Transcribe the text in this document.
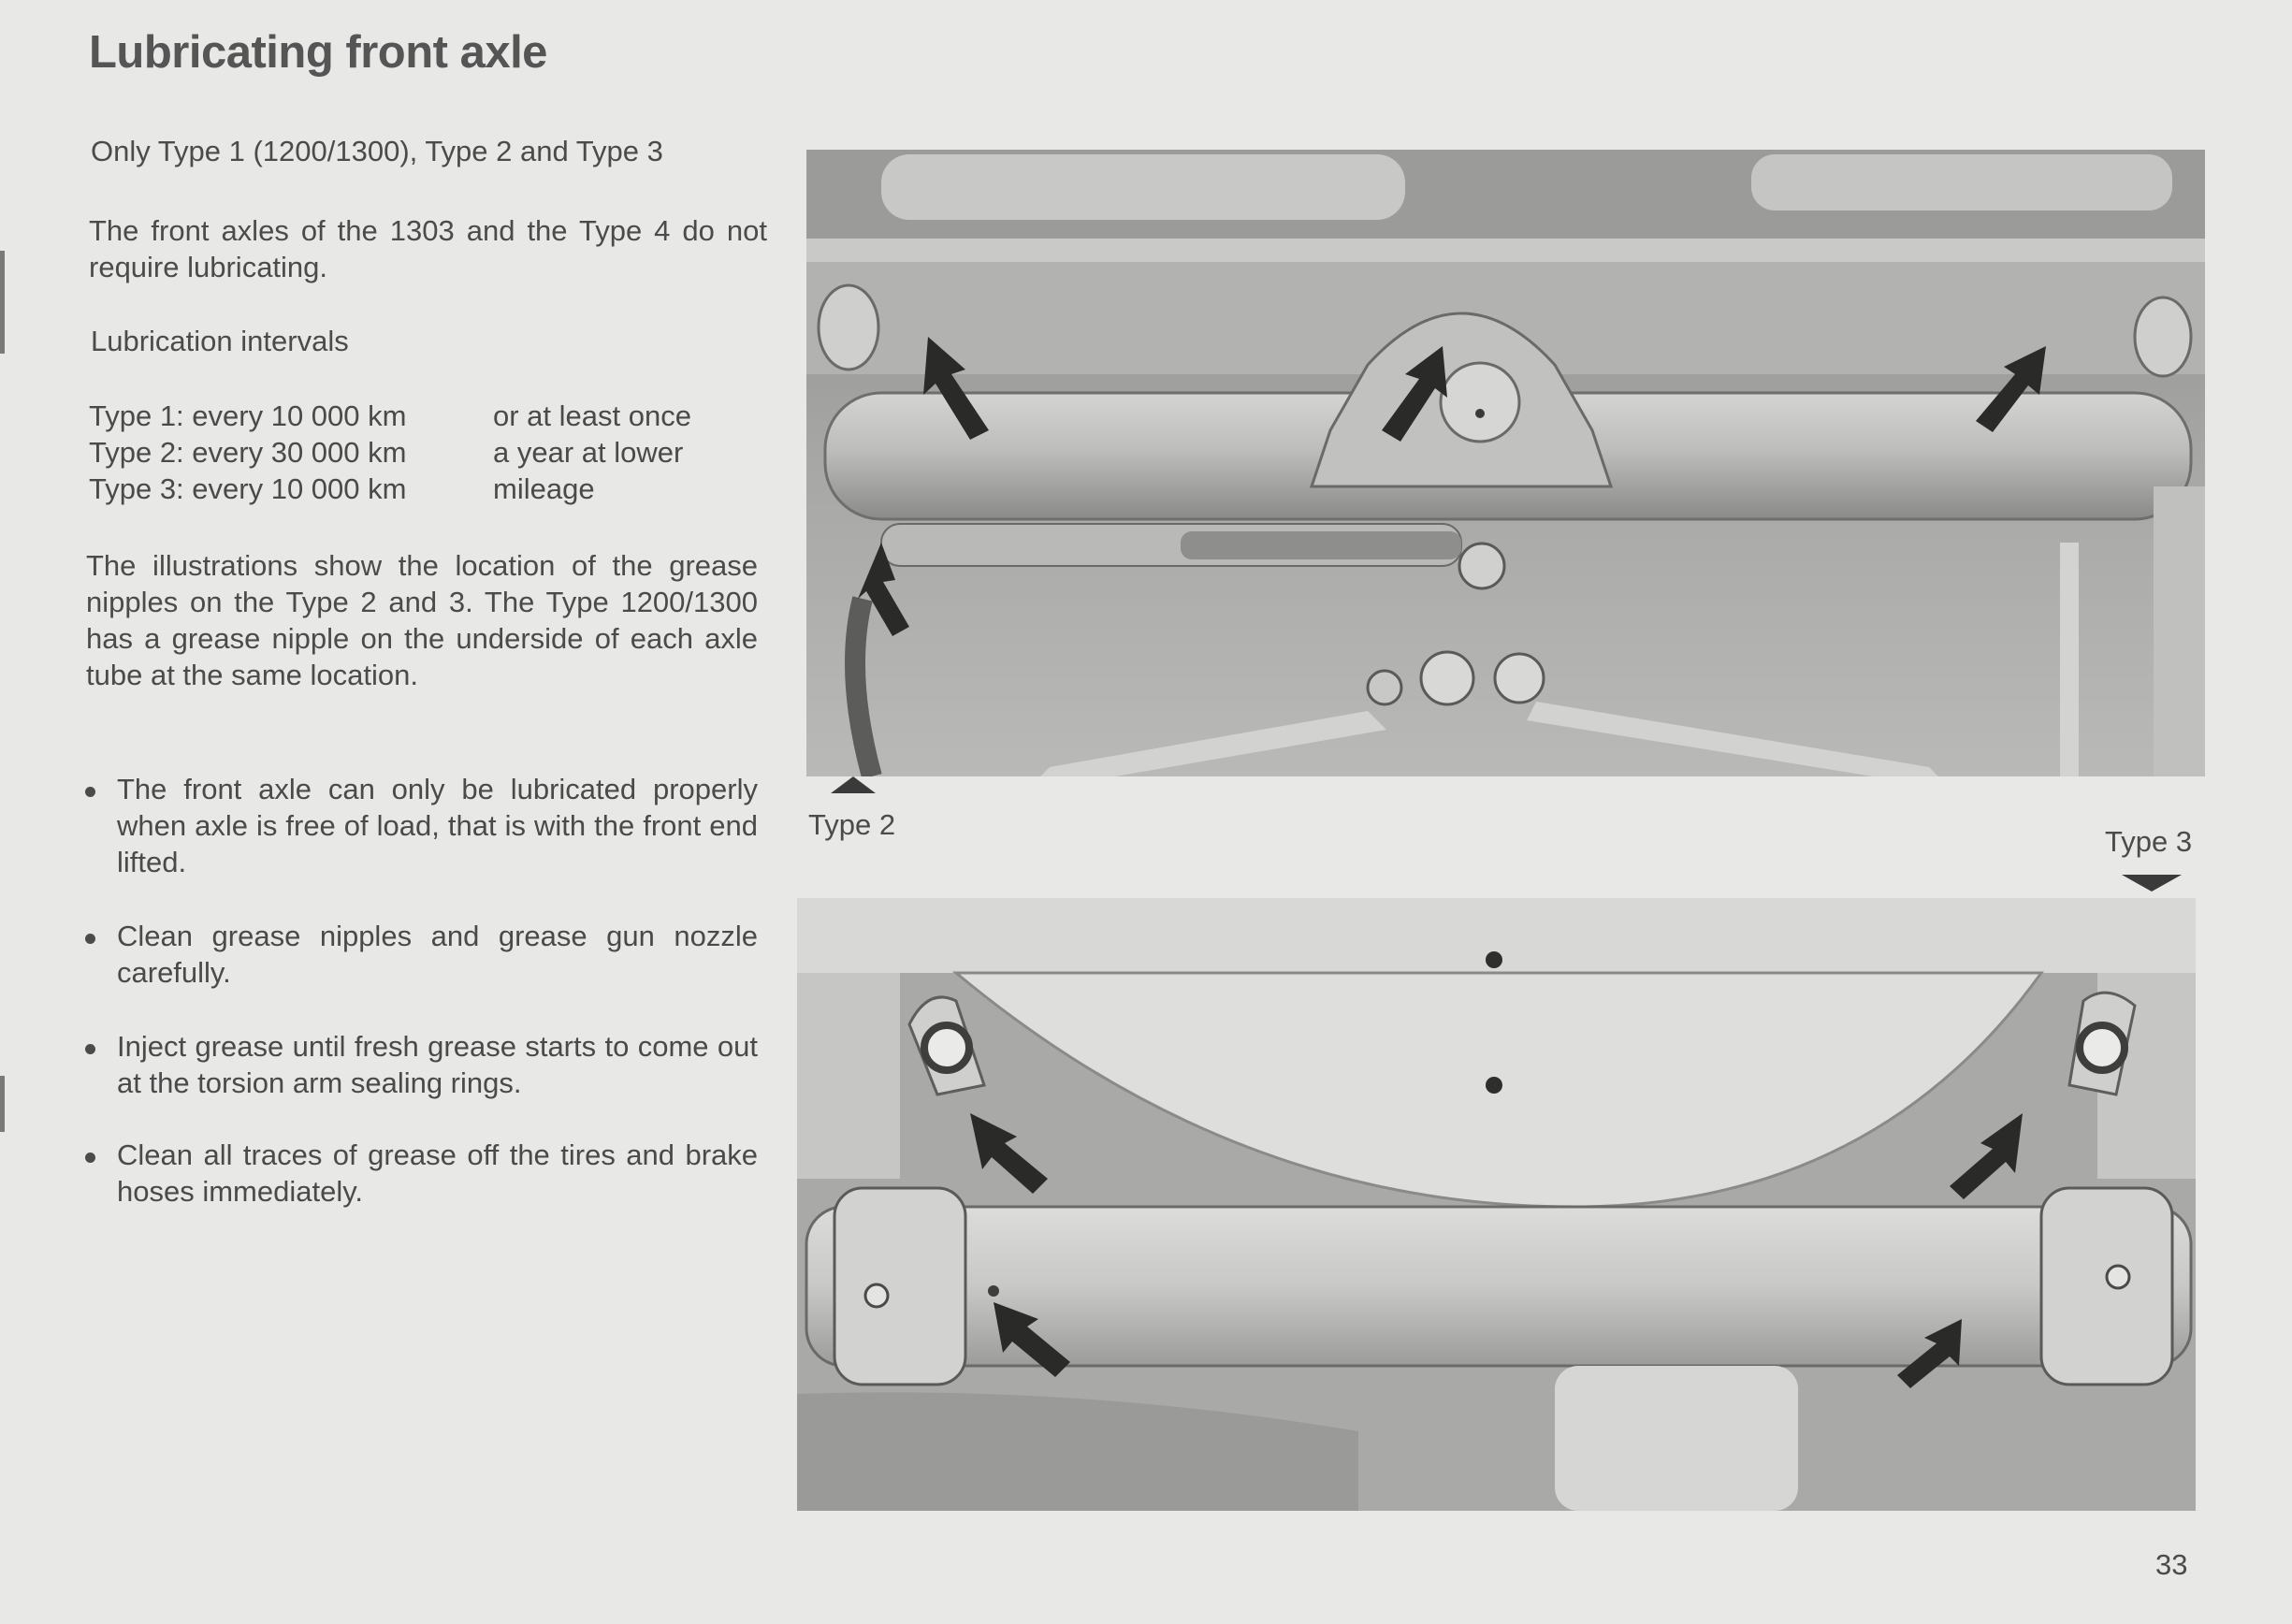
Lubricating front axle

Only Type 1 (1200/1300), Type 2 and Type 3

The front axles of the 1303 and the Type 4 do not require lubricating.

Lubrication intervals

Type 1: every 10 000 km	or at least once
Type 2: every 30 000 km	a year at lower
Type 3: every 10 000 km	mileage

The illustrations show the location of the grease nipples on the Type 2 and 3. The Type 1200/1300 has a grease nipple on the underside of each axle tube at the same location.

The front axle can only be lubricated properly when axle is free of load, that is with the front end lifted.
Clean grease nipples and grease gun nozzle carefully.
Inject grease until fresh grease starts to come out at the torsion arm sealing rings.
Clean all traces of grease off the tires and brake hoses immediately.
Type 2
Type 3
33
